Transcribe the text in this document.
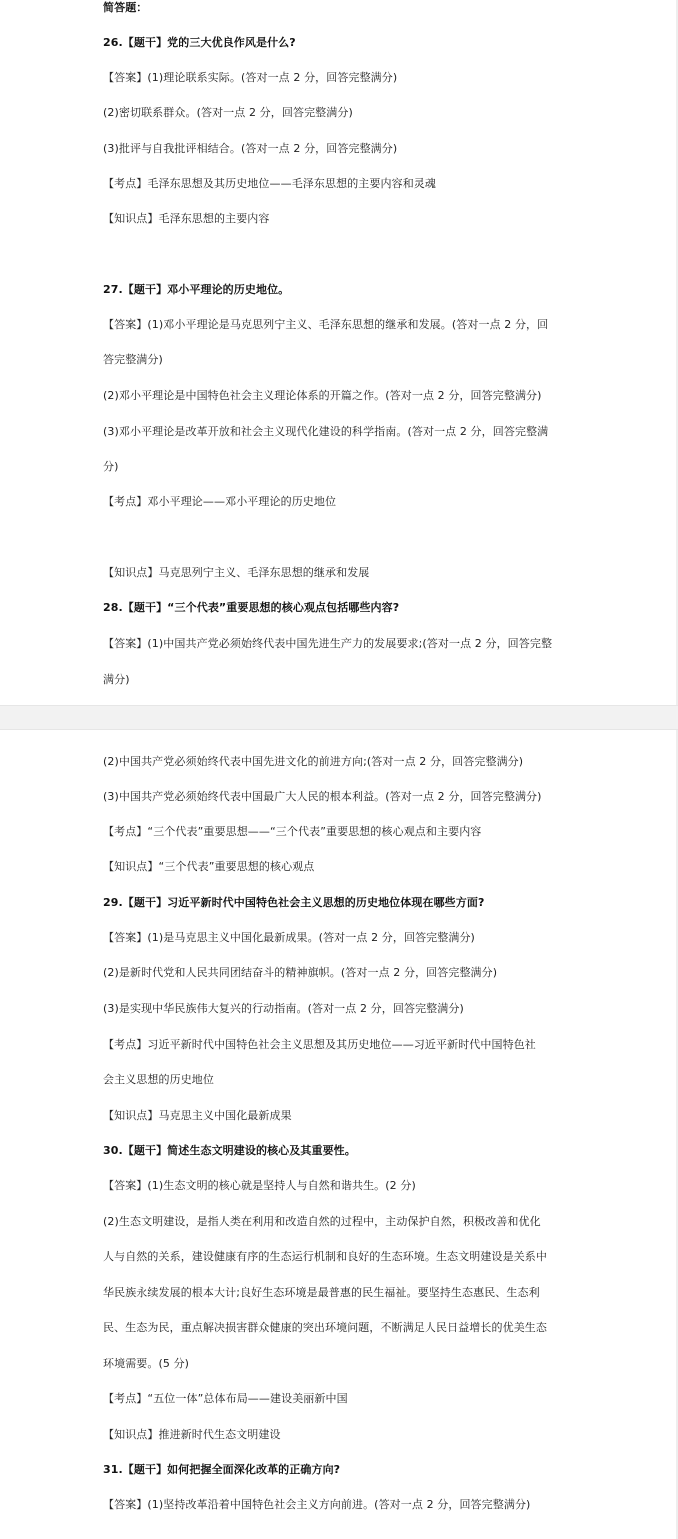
简答题：
26.【题干】党的三大优良作风是什么?
【答案】(1)理论联系实际。(答对一点 2 分，回答完整满分)
(2)密切联系群众。(答对一点 2 分，回答完整满分)
(3)批评与自我批评相结合。(答对一点 2 分，回答完整满分)
【考点】毛泽东思想及其历史地位——毛泽东思想的主要内容和灵魂
【知识点】毛泽东思想的主要内容
27.【题干】邓小平理论的历史地位。
【答案】(1)邓小平理论是马克思列宁主义、毛泽东思想的继承和发展。(答对一点 2 分，回
答完整满分)
(2)邓小平理论是中国特色社会主义理论体系的开篇之作。(答对一点 2 分，回答完整满分)
(3)邓小平理论是改革开放和社会主义现代化建设的科学指南。(答对一点 2 分，回答完整满
分)
【考点】邓小平理论——邓小平理论的历史地位
【知识点】马克思列宁主义、毛泽东思想的继承和发展
28.【题干】“三个代表”重要思想的核心观点包括哪些内容?
【答案】(1)中国共产党必须始终代表中国先进生产力的发展要求;(答对一点 2 分，回答完整
满分)
(2)中国共产党必须始终代表中国先进文化的前进方向;(答对一点 2 分，回答完整满分)
(3)中国共产党必须始终代表中国最广大人民的根本利益。(答对一点 2 分，回答完整满分)
【考点】“三个代表”重要思想——“三个代表”重要思想的核心观点和主要内容
【知识点】“三个代表”重要思想的核心观点
29.【题干】习近平新时代中国特色社会主义思想的历史地位体现在哪些方面?
【答案】(1)是马克思主义中国化最新成果。(答对一点 2 分，回答完整满分)
(2)是新时代党和人民共同团结奋斗的精神旗帜。(答对一点 2 分，回答完整满分)
(3)是实现中华民族伟大复兴的行动指南。(答对一点 2 分，回答完整满分)
【考点】习近平新时代中国特色社会主义思想及其历史地位——习近平新时代中国特色社
会主义思想的历史地位
【知识点】马克思主义中国化最新成果
30.【题干】简述生态文明建设的核心及其重要性。
【答案】(1)生态文明的核心就是坚持人与自然和谐共生。(2 分)
(2)生态文明建设，是指人类在利用和改造自然的过程中，主动保护自然，积极改善和优化
人与自然的关系，建设健康有序的生态运行机制和良好的生态环境。生态文明建设是关系中
华民族永续发展的根本大计;良好生态环境是最普惠的民生福祉。要坚持生态惠民、生态利
民、生态为民，重点解决损害群众健康的突出环境问题，不断满足人民日益增长的优美生态
环境需要。(5 分)
【考点】“五位一体”总体布局——建设美丽新中国
【知识点】推进新时代生态文明建设
31.【题干】如何把握全面深化改革的正确方向?
【答案】(1)坚持改革沿着中国特色社会主义方向前进。(答对一点 2 分，回答完整满分)
